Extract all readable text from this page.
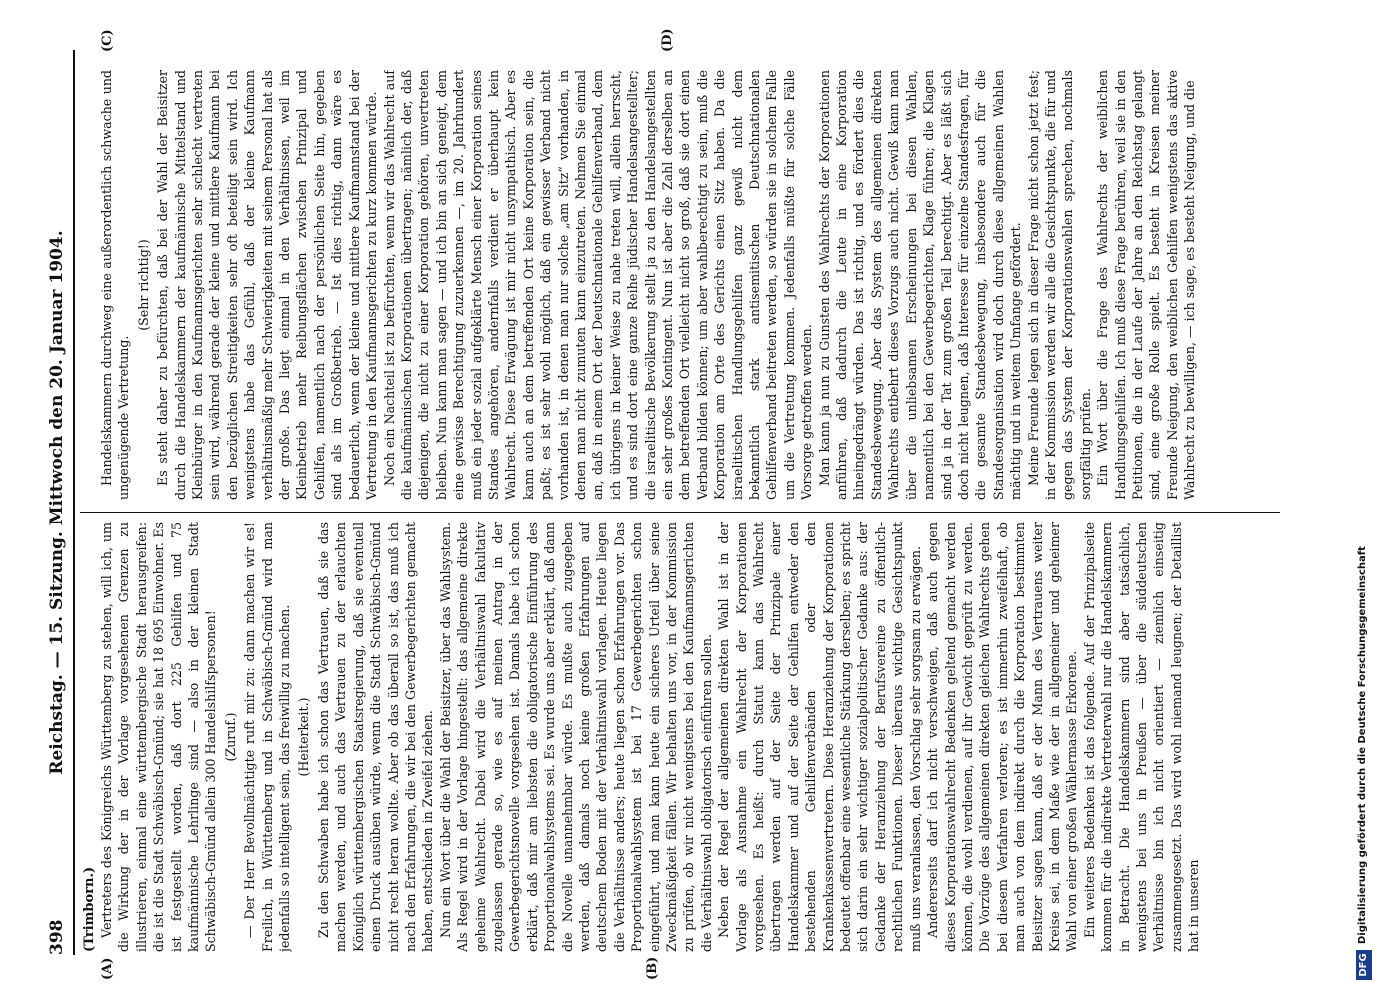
DFG
Digitalisierung gefördert durch die Deutsche Forschungsgemeinschaft
398
Reichstag. — 15. Sitzung. Mittwoch den 20. Januar 1904.
(Trimborn.)
(A)	(B)
(C)	(D)

Vertreters des Königreichs Württemberg zu stehen, will ich, um die Wirkung der in der Vorlage vorgesehenen Grenzen zu illustrieren, einmal eine württembergische Stadt herausgreifen: die ist die Stadt Schwäbisch-Gmünd; sie hat 18 695 Einwohner. Es ist festgestellt worden, daß dort 225 Gehilfen und 75 kaufmännische Lehrlinge sind — also in der kleinen Stadt Schwäbisch-Gmünd allein 300 Handelshilfspersonen! (Zuruf.) — Der Herr Bevollmächtigte ruft mir zu: dann machen wir es! Freilich, in Württemberg und in Schwäbisch-Gmünd wird man jedenfalls so intelligent sein, das freiwillig zu machen. (Heiterkeit.) Zu den Schwaben habe ich schon das Vertrauen, daß sie das machen werden, und auch das Vertrauen zu der erlauchten Königlich württembergischen Staatsregierung, daß sie eventuell einen Druck ausüben würde, wenn die Stadt Schwäbisch-Gmünd nicht recht heran wollte. Aber ob das überall so ist, das muß ich nach den Erfahrungen, die wir bei den Gewerbegerichten gemacht haben, entschieden in Zweifel ziehen. Nun ein Wort über die Wahl der Beisitzer, über das Wahlsystem. Als Regel wird in der Vorlage hingestellt: das allgemeine direkte geheime Wahlrecht. Dabei wird die Verhältniswahl fakultativ zugelassen gerade so, wie es auf meinen Antrag in der Gewerbegerichtsnovelle vorgesehen ist. Damals habe ich schon erklärt, daß mir am liebsten die obligatorische Einführung des Proportionalwahlsystems sei. Es wurde uns aber erklärt, daß dann die Novelle unannehmbar würde. Es mußte auch zugegeben werden, daß damals noch keine großen Erfahrungen auf deutschem Boden mit der Verhältniswahl vorlagen. Heute liegen die Verhältnisse anders; heute liegen schon Erfahrungen vor. Das Proportionalwahlsystem ist bei 17 Gewerbegerichten schon eingeführt, und man kann heute ein sicheres Urteil über seine Zweckmäßigkeit fällen. Wir behalten uns vor, in der Kommission zu prüfen, ob wir nicht wenigstens bei den Kaufmannsgerichten die Verhältniswahl obligatorisch einführen sollen. Neben der Regel der allgemeinen direkten Wahl ist in der Vorlage als Ausnahme ein Wahlrecht der Korporationen vorgesehen. Es heißt: durch Statut kann das Wahlrecht übertragen werden auf der Seite der Prinzipale einer Handelskammer und auf der Seite der Gehilfen entweder den bestehenden Gehilfenverbänden oder den Krankenkassenvertretern. Diese Heranziehung der Korporationen bedeutet offenbar eine wesentliche Stärkung derselben; es spricht sich darin ein sehr wichtiger sozialpolitischer Gedanke aus: der Gedanke der Heranziehung der Berufsvereine zu öffentlich-rechtlichen Funktionen. Dieser überaus wichtige Gesichtspunkt muß uns veranlassen, den Vorschlag sehr sorgsam zu erwägen. Andererseits darf ich nicht verschweigen, daß auch gegen dieses Korporationswahlrecht Bedenken geltend gemacht werden können, die wohl verdienen, auf ihr Gewicht geprüft zu werden. Die Vorzüge des allgemeinen direkten gleichen Wahlrechts gehen bei diesem Verfahren verloren; es ist immerhin zweifelhaft, ob man auch von dem indirekt durch die Korporation bestimmten Beisitzer sagen kann, daß er der Mann des Vertrauens weiter Kreise sei, in dem Maße wie der in allgemeiner und geheimer Wahl von einer großen Wählermasse Erkorene. Ein weiteres Bedenken ist das folgende. Auf der Prinzipalseite kommen für die indirekte Vertreterwahl nur die Handelskammern in Betracht. Die Handelskammern sind aber tatsächlich, wenigstens bei uns in Preußen — über die süddeutschen Verhältnisse bin ich nicht orientiert — ziemlich einseitig zusammengesetzt. Das wird wohl niemand leugnen; der Detaillist hat in unseren

Handelskammern durchweg eine außerordentlich schwache und ungenügende Vertretung.

(Sehr richtig!) Es steht daher zu befürchten, daß bei der Wahl der Beisitzer durch die Handelskammern der kaufmännische Mittelstand und Kleinbürger in den Kaufmannsgerichten sehr schlecht vertreten sein wird, während gerade der kleine und mittlere Kaufmann bei den bezüglichen Streitigkeiten sehr oft beteiligt sein wird. Ich wenigstens habe das Gefühl, daß der kleine Kaufmann verhältnismäßig mehr Schwierigkeiten mit seinem Personal hat als der große. Das liegt einmal in den Verhältnissen, weil im Kleinbetrieb mehr Reibungsflächen zwischen Prinzipal und Gehilfen, namentlich nach der persönlichen Seite hin, gegeben sind als im Großbetrieb. — Ist dies richtig, dann wäre es bedauerlich, wenn der kleine und mittlere Kaufmannstand bei der Vertretung in den Kaufmannsgerichten zu kurz kommen würde. Noch ein Nachteil ist zu befürchten, wenn wir das Wahlrecht auf die kaufmännischen Korporationen übertragen; nämlich der, daß diejenigen, die nicht zu einer Korporation gehören, unvertreten bleiben. Nun kann man sagen — und ich bin an sich geneigt, dem eine gewisse Berechtigung zuzuerkennen —, im 20. Jahrhundert muß ein jeder sozial aufgeklärte Mensch einer Korporation seines Standes angehören, andernfalls verdient er überhaupt kein Wahlrecht. Diese Erwägung ist mir nicht unsympathisch. Aber es kann auch an dem betreffenden Ort keine Korporation sein, die paßt; es ist sehr wohl möglich, daß ein gewisser Verband nicht vorhanden ist, in denen man nur solche „am Sitz“ vorhanden, in denen man nicht zumuten kann einzutreten. Nehmen Sie einmal an, daß in einem Ort der Deutschnationale Gehilfenverband, dem ich übrigens in keiner Weise zu nahe treten will, allein herrscht, und es sind dort eine ganze Reihe jüdischer Handelsangestellter; die israelitische Bevölkerung stellt ja zu den Handelsangestellten ein sehr großes Kontingent. Nun ist aber die Zahl derselben an dem betreffenden Ort vielleicht nicht so groß, daß sie dort einen Verband bilden können; um aber wahlberechtigt zu sein, muß die Korporation am Orte des Gerichts einen Sitz haben. Da die israelitischen Handlungsgehilfen ganz gewiß nicht dem bekanntlich stark antisemitischen Deutschnationalen Gehilfenverband beitreten werden, so würden sie in solchem Falle um die Vertretung kommen. Jedenfalls müßte für solche Fälle Vorsorge getroffen werden. Man kann ja nun zu Gunsten des Wahlrechts der Korporationen anführen, daß dadurch die Leute in eine Korporation hineingedrängt würden. Das ist richtig, und es fördert dies die Standesbewegung. Aber das System des allgemeinen direkten Wahlrechts entbehrt dieses Vorzugs auch nicht. Gewiß kann man über die unliebsamen Erscheinungen bei diesen Wahlen, namentlich bei den Gewerbegerichten, Klage führen; die Klagen sind ja in der Tat zum großen Teil berechtigt. Aber es läßt sich doch nicht leugnen, daß Interesse für einzelne Standesfragen, für die gesamte Standesbewegung, insbesondere auch für die Standesorganisation wird doch durch diese allgemeinen Wahlen mächtig und in weitem Umfange gefördert. Meine Freunde legen sich in dieser Frage nicht schon jetzt fest; in der Kommission werden wir alle die Gesichtspunkte, die für und gegen das System der Korporationswahlen sprechen, nochmals sorgfältig prüfen. Ein Wort über die Frage des Wahlrechts der weiblichen Handlungsgehilfen. Ich muß diese Frage berühren, weil sie in den Petitionen, die in der Laufe der Jahre an den Reichstag gelangt sind, eine große Rolle spielt. Es besteht in Kreisen meiner Freunde Neigung, den weiblichen Gehilfen wenigstens das aktive Wahlrecht zu bewilligen, — ich sage, es besteht Neigung, und die
